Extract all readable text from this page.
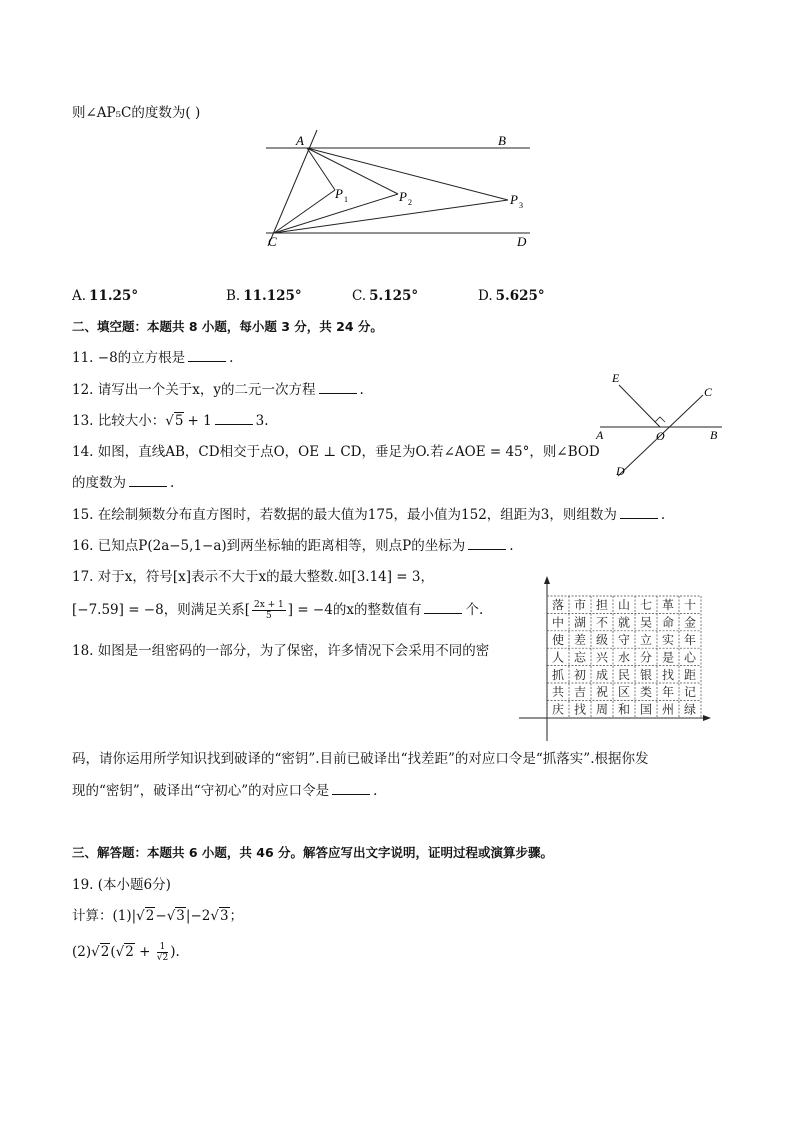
则∠AP₅C的度数为( )
A	B
P 1	P 2	P 3
C	D
A. 11.25°	B. 11.125°	C. 5.125°	D. 5.625°
二、填空题：本题共 8 小题，每小题 3 分，共 24 分。
11. −8的立方根是	.
12. 请写出一个关于x，y的二元一次方程	.
13. 比较大小：√5 + 1	3.
14. 如图，直线AB，CD相交于点O，OE ⊥ CD，垂足为O.若∠AOE = 45°，则∠BOD
的度数为	.
E
C
A	O	B
D
15. 在绘制频数分布直方图时，若数据的最大值为175，最小值为152，组距为3，则组数为	.
16. 已知点P(2a−5,1−a)到两坐标轴的距离相等，则点P的坐标为	.
17. 对于x，符号[x]表示不大于x的最大整数.如[3.14] = 3，
[−7.59] = −8，则满足关系[ $\frac{2x + 1}{5}$ ] = −4的x的整数值有	个.
18. 如图是一组密码的一部分，为了保密，许多情况下会采用不同的密
码，请你运用所学知识找到破译的“密钥”.目前已破译出“找差距”的对应口令是“抓落实”.根据你发
现的“密钥”，破译出“守初心”的对应口令是	.
落 市 担 山 七 革 十
中 湖 不 就 吴 命 金
使 差 级 守 立 实 年
人 忘 兴 水 分 是 心
抓 初 成 民 银 找 距
共 吉 祝 区 类 年 记
庆 找 周 和 国 州 绿
三、解答题：本题共 6 小题，共 46 分。解答应写出文字说明，证明过程或演算步骤。
19. (本小题6分)
计算：(1)|√2−√3|−2√3；
$(2)√2(√2 + \frac{1}{√2}$ ).
